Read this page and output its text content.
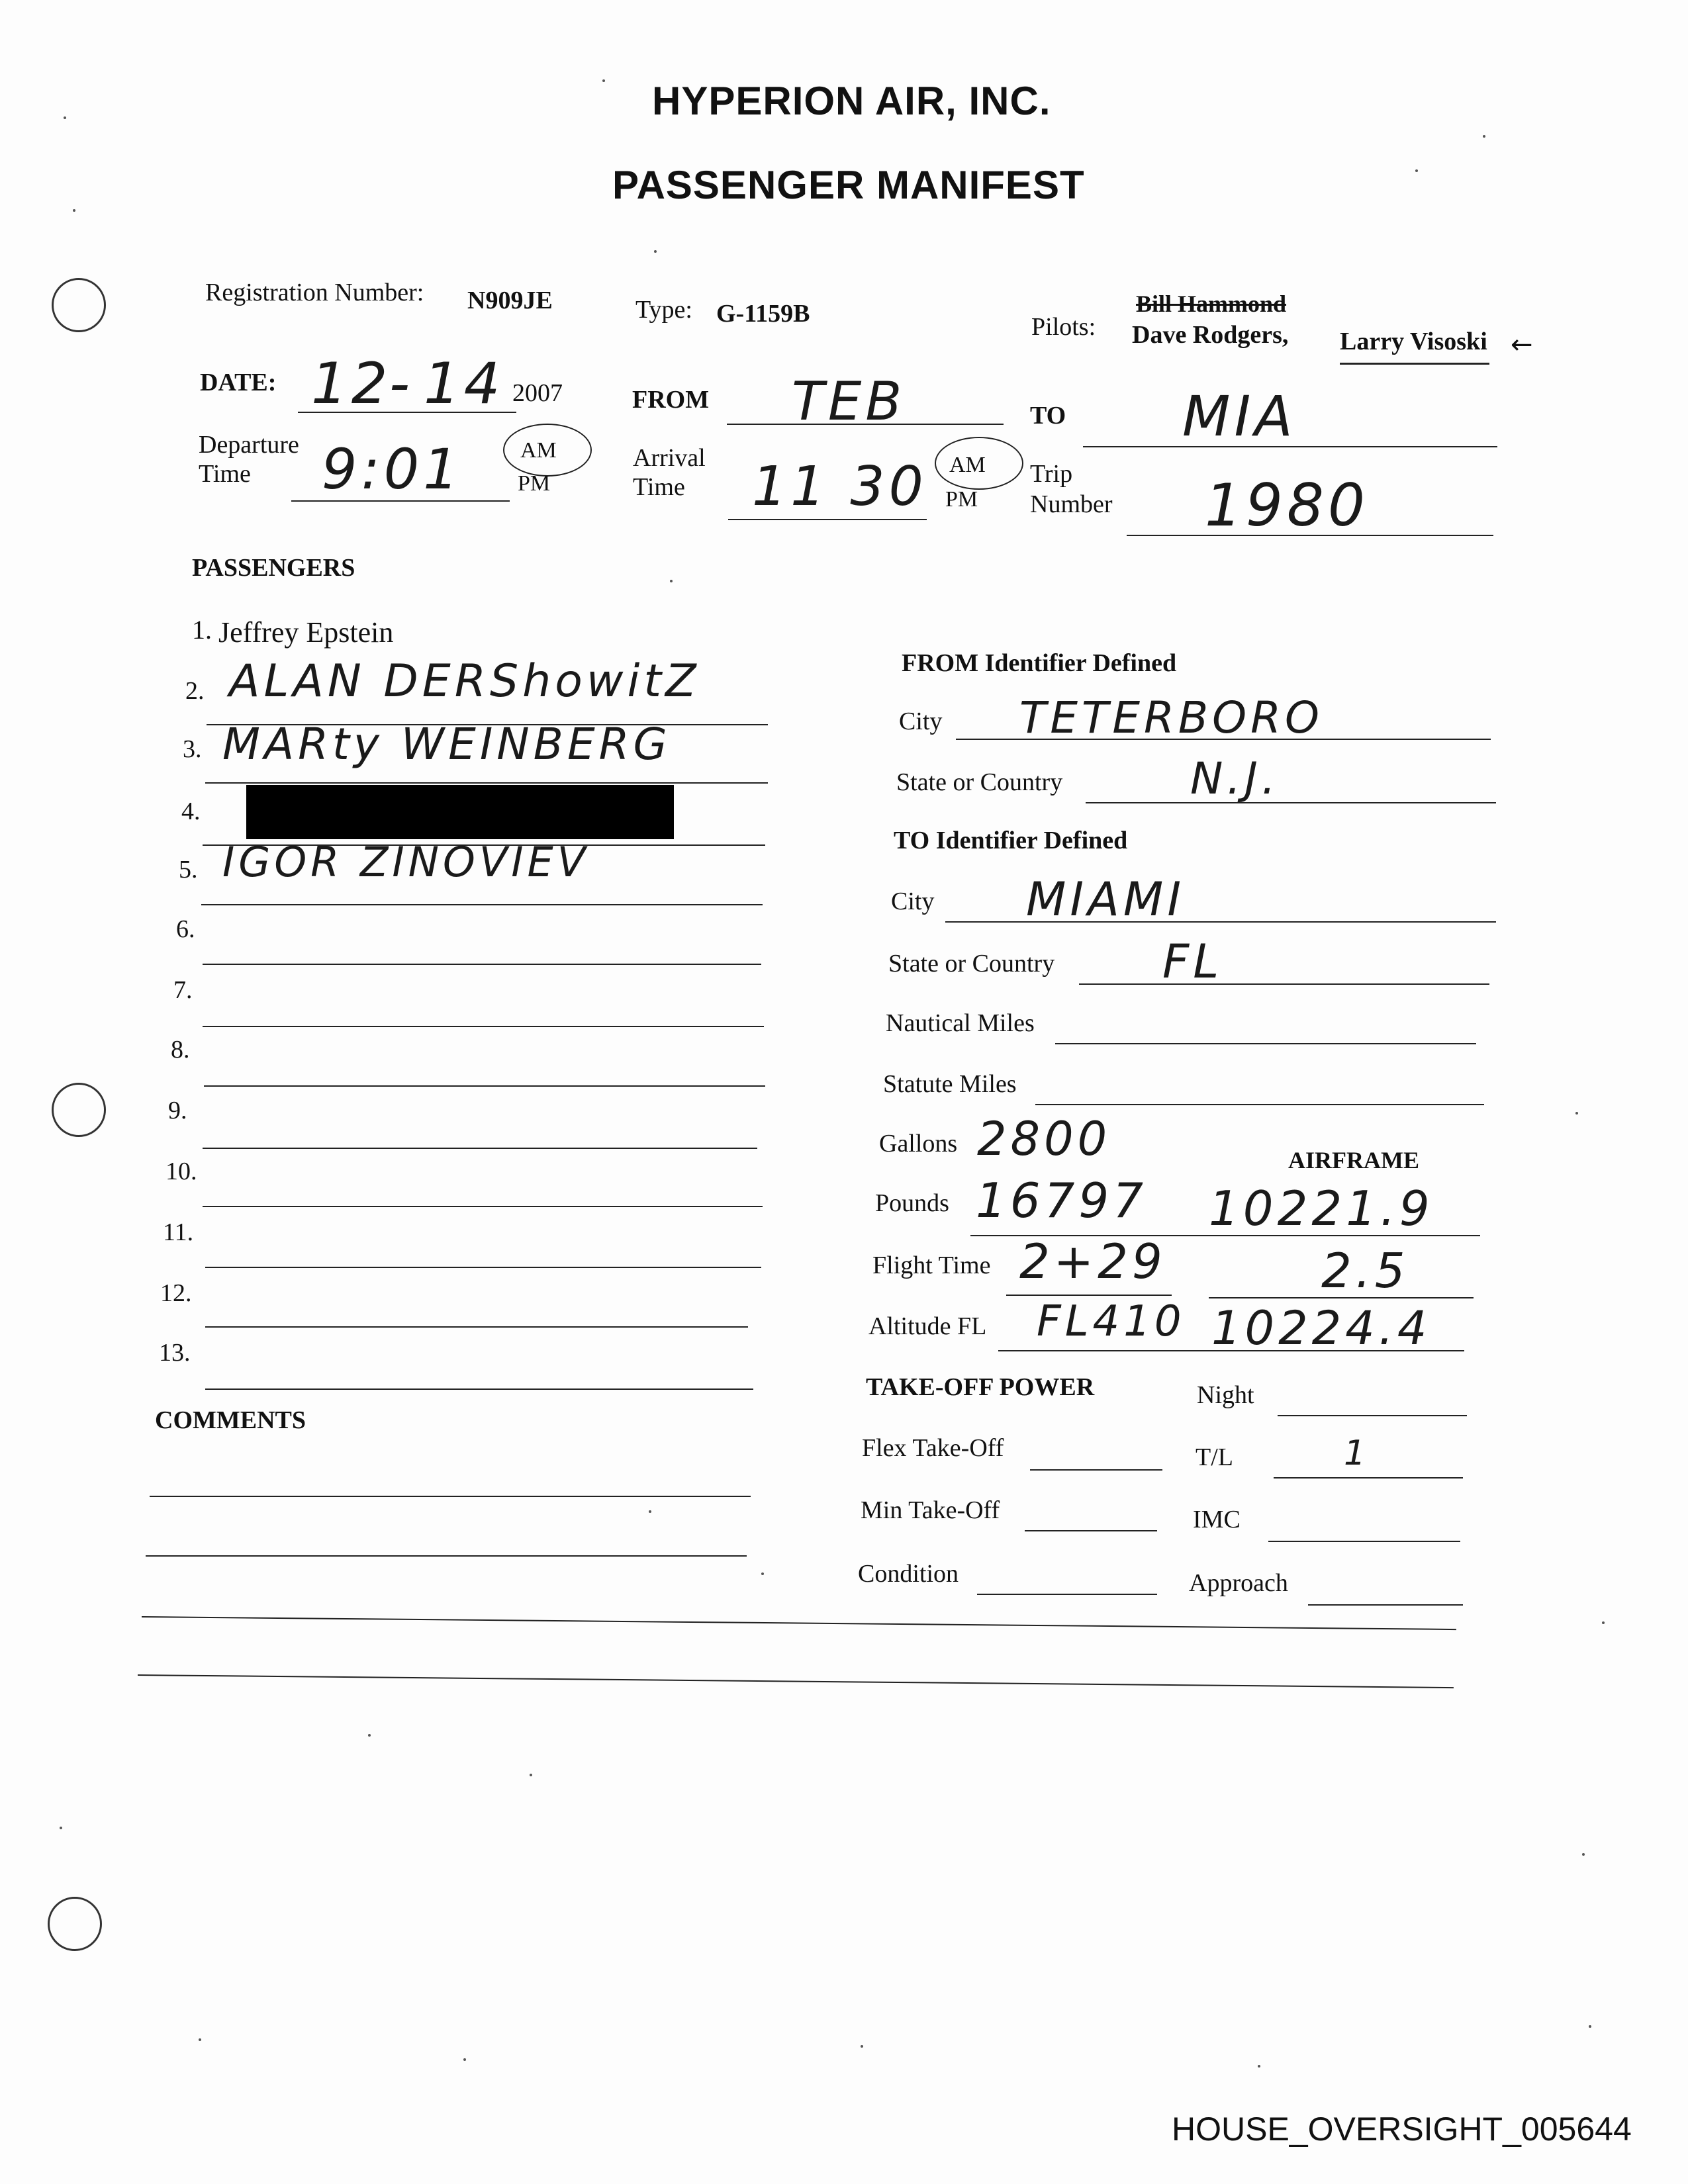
HYPERION AIR, INC.
PASSENGER MANIFEST
Registration Number: N909JE	Type: G-1159B	Bill Hammond
Pilots: Dave Rodgers, Larry Visoski ←
DATE: 12
- 14 2007	FROM TEB	TO MIA
Departure
Time 9:01	AM
PM
Arrival
Time 11 30 AM
PM
Trip
Number 1980
PASSENGERS
1. Jeffrey Epstein
2. ALAN DERShowitZ
3. MARty WEINBERG
4.
5. IGOR ZINOVIEV
6.
7.
8.
9.
10.
11.
12.
13.
COMMENTS
FROM Identifier Defined
City TETERBORO
State or Country	N.J.
TO Identifier Defined
City MIAMI
State or Country FL
Nautical Miles
Statute Miles
Gallons 2800	AIRFRAME
Pounds 16797 10221.9
Flight Time 2+29	2.5
Altitude FL FL410 10224.4
TAKE-OFF POWER	Night
Flex Take-Off	T/L	1
Min Take-Off	IMC
Condition	Approach
HOUSE_OVERSIGHT_005644
